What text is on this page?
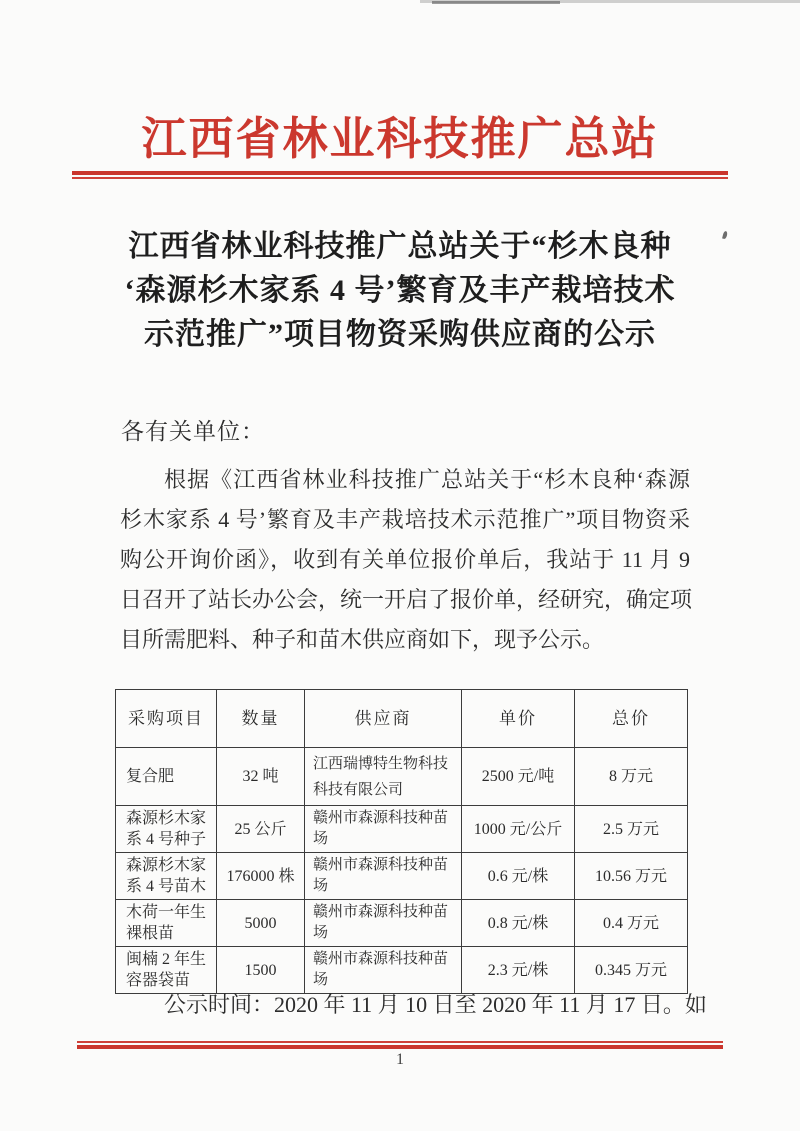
江西省林业科技推广总站
江西省林业科技推广总站关于“杉木良种
‘森源杉木家系 4 号’繁育及丰产栽培技术
示范推广”项目物资采购供应商的公示
各有关单位：
根据《江西省林业科技推广总站关于“杉木良种‘森源
杉木家系 4 号’繁育及丰产栽培技术示范推广”项目物资采
购公开询价函》，收到有关单位报价单后，我站于 11 月 9
日召开了站长办公会，统一开启了报价单，经研究，确定项
目所需肥料、种子和苗木供应商如下，现予公示。
采购项目	数量	供应商	单价	总价
复合肥	32 吨	江西瑞博特生物科技科技有限公司	2500 元/吨	8 万元
森源杉木家系 4 号种子	25 公斤	赣州市森源科技种苗场	1000 元/公斤	2.5 万元
森源杉木家系 4 号苗木	176000 株	赣州市森源科技种苗场	0.6 元/株	10.56 万元
木荷一年生裸根苗	5000	赣州市森源科技种苗场	0.8 元/株	0.4 万元
闽楠 2 年生容器袋苗	1500	赣州市森源科技种苗场	2.3 元/株	0.345 万元
公示时间：2020 年 11 月 10 日至 2020 年 11 月 17 日。如
1
